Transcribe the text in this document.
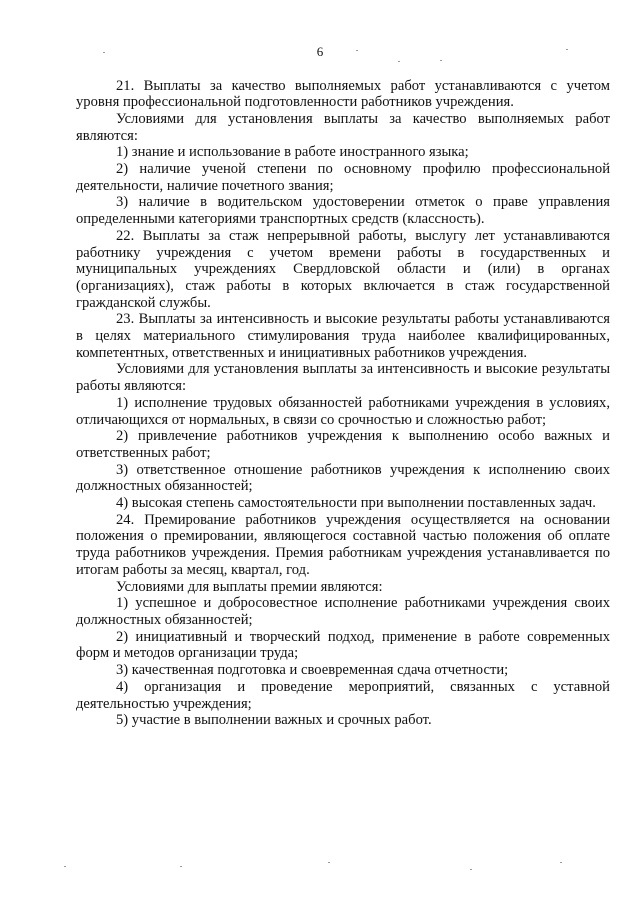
6

21. Выплаты за качество выполняемых работ устанавливаются с учетом уровня профессиональной подготовленности работников учреждения.

Условиями для установления выплаты за качество выполняемых работ являются:

1) знание и использование в работе иностранного языка;

2) наличие ученой степени по основному профилю профессиональной деятельности, наличие почетного звания;

3) наличие в водительском удостоверении отметок о праве управления определенными категориями транспортных средств (классность).

22. Выплаты за стаж непрерывной работы, выслугу лет устанавливаются работнику учреждения с учетом времени работы в государственных и муниципальных учреждениях Свердловской области и (или) в органах (организациях), стаж работы в которых включается в стаж государственной гражданской службы.

23. Выплаты за интенсивность и высокие результаты работы устанавливаются в целях материального стимулирования труда наиболее квалифицированных, компетентных, ответственных и инициативных работников учреждения.

Условиями для установления выплаты за интенсивность и высокие результаты работы являются:

1) исполнение трудовых обязанностей работниками учреждения в условиях, отличающихся от нормальных, в связи со срочностью и сложностью работ;

2) привлечение работников учреждения к выполнению особо важных и ответственных работ;

3) ответственное отношение работников учреждения к исполнению своих должностных обязанностей;

4) высокая степень самостоятельности при выполнении поставленных задач.

24. Премирование работников учреждения осуществляется на основании положения о премировании, являющегося составной частью положения об оплате труда работников учреждения. Премия работникам учреждения устанавливается по итогам работы за месяц, квартал, год.

Условиями для выплаты премии являются:

1) успешное и добросовестное исполнение работниками учреждения своих должностных обязанностей;

2) инициативный и творческий подход, применение в работе современных форм и методов организации труда;

3) качественная подготовка и своевременная сдача отчетности;

4) организация и проведение мероприятий, связанных с уставной деятельностью учреждения;

5) участие в выполнении важных и срочных работ.
